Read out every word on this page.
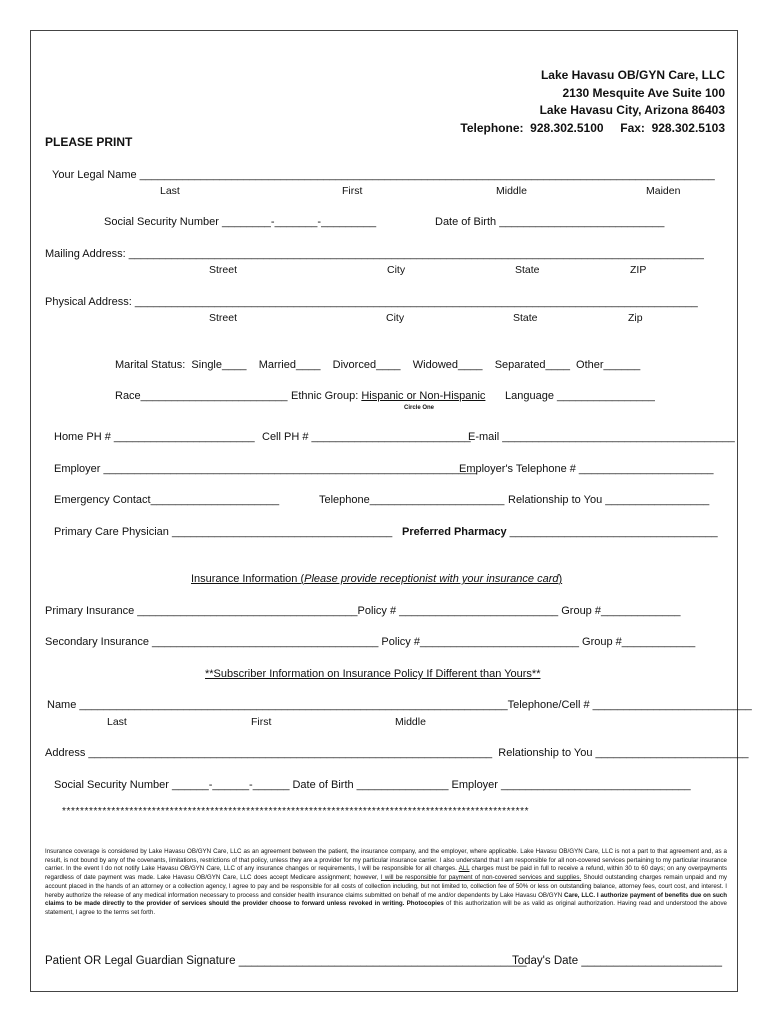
Lake Havasu OB/GYN Care, LLC
2130 Mesquite Ave Suite 100
Lake Havasu City, Arizona 86403
Telephone:  928.302.5100     Fax:  928.302.5103
PLEASE PRINT
Your Legal Name ______________________________________________________________________________________________
Last	First	Middle	Maiden
Social Security Number ________-_______-_________	Date of Birth ___________________________
Mailing Address: ______________________________________________________________________________________________
Street	City	State	ZIP
Physical Address: ____________________________________________________________________________________________
Street	City	State	Zip
Marital Status:  Single____    Married____    Divorced____    Widowed____    Separated____  Other______
Race________________________ Ethnic Group: Hispanic or Non-Hispanic
Circle One
Language ________________
Home PH # _______________________ Cell PH # __________________________
E-mail ______________________________________
Employer _____________________________________________________________
Employer's Telephone # ______________________
Emergency Contact_____________________	Telephone______________________ Relationship to You _________________
Primary Care Physician ____________________________________ Preferred Pharmacy __________________________________
Insurance Information (Please provide receptionist with your insurance card)
Primary Insurance ____________________________________Policy # __________________________ Group #_____________
Secondary Insurance _____________________________________ Policy #__________________________ Group #____________
**Subscriber Information on Insurance Policy If Different than Yours**
Name ______________________________________________________________________Telephone/Cell # __________________________
Last	First	Middle
Address __________________________________________________________________  Relationship to You _________________________
Social Security Number ______-______-______ Date of Birth _______________ Employer _______________________________
********************************************************************************************************
Insurance coverage is considered by Lake Havasu OB/GYN Care, LLC as an agreement between the patient, the insurance company, and the employer, where applicable. Lake Havasu OB/GYN Care, LLC is not a part to that agreement and, as a result, is not bound by any of the covenants, limitations, restrictions of that policy, unless they are a provider for my particular insurance carrier. I also understand that I am responsible for all non-covered services pertaining to my particular insurance carrier. In the event I do not notify Lake Havasu OB/GYN Care, LLC of any insurance changes or requirements, I will be responsible for all charges. ALL charges must be paid in full to receive a refund, within 30 to 60 days; on any overpayments regardless of date payment was made. Lake Havasu OB/GYN Care, LLC does accept Medicare assignment; however, I will be responsible for payment of non-covered services and supplies. Should outstanding charges remain unpaid and my account placed in the hands of an attorney or a collection agency, I agree to pay and be responsible for all costs of collection including, but not limited to, collection fee of 50% or less on outstanding balance, attorney fees, court cost, and interest. I hereby authorize the release of any medical information necessary to process and consider health insurance claims submitted on behalf of me and/or dependents by Lake Havasu OB/GYN Care, LLC. I authorize payment of benefits due on such claims to be made directly to the provider of services should the provider choose to forward unless revoked in writing. Photocopies of this authorization will be as valid as original authorization. Having read and understood the above statement, I agree to the terms set forth.
Patient OR Legal Guardian Signature _____________________________________________
Today's Date ______________________
